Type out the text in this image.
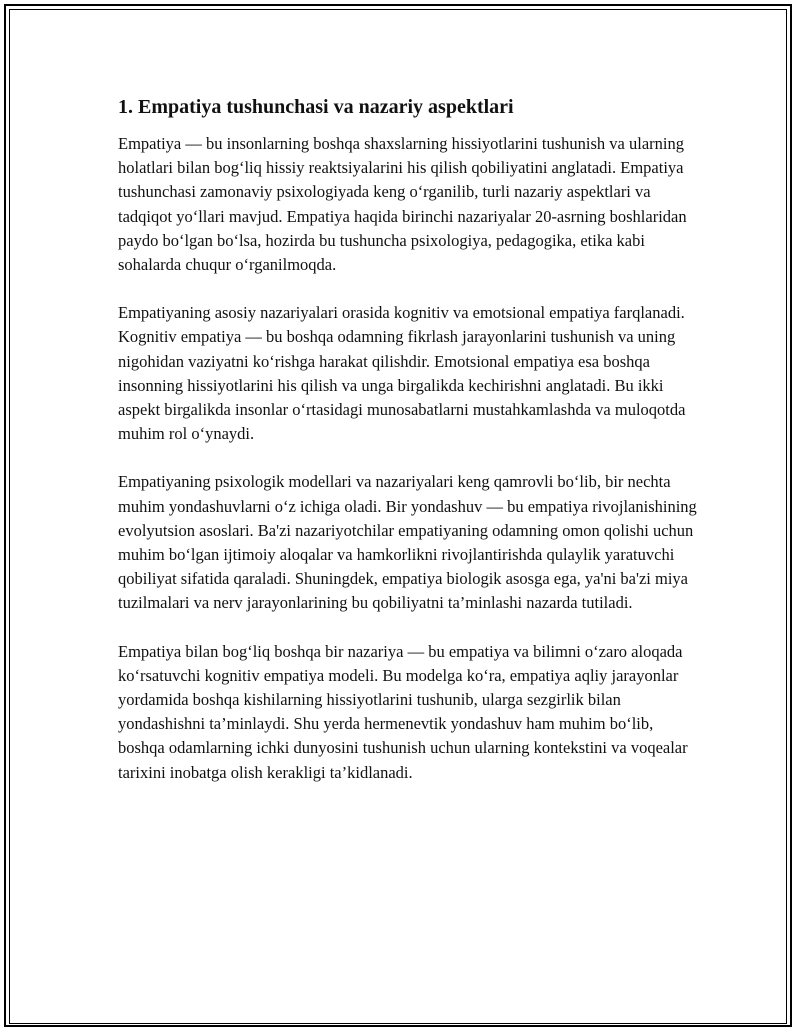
1. Empatiya tushunchasi va nazariy aspektlari

Empatiya — bu insonlarning boshqa shaxslarning hissiyotlarini tushunish va ularning holatlari bilan bog‘liq hissiy reaktsiyalarini his qilish qobiliyatini anglatadi. Empatiya tushunchasi zamonaviy psixologiyada keng o‘rganilib, turli nazariy aspektlari va tadqiqot yo‘llari mavjud. Empatiya haqida birinchi nazariyalar 20-asrning boshlaridan paydo bo‘lgan bo‘lsa, hozirda bu tushuncha psixologiya, pedagogika, etika kabi sohalarda chuqur o‘rganilmoqda.

Empatiyaning asosiy nazariyalari orasida kognitiv va emotsional empatiya farqlanadi. Kognitiv empatiya — bu boshqa odamning fikrlash jarayonlarini tushunish va uning nigohidan vaziyatni ko‘rishga harakat qilishdir. Emotsional empatiya esa boshqa insonning hissiyotlarini his qilish va unga birgalikda kechirishni anglatadi. Bu ikki aspekt birgalikda insonlar o‘rtasidagi munosabatlarni mustahkamlashda va muloqotda muhim rol o‘ynaydi.

Empatiyaning psixologik modellari va nazariyalari keng qamrovli bo‘lib, bir nechta muhim yondashuvlarni o‘z ichiga oladi. Bir yondashuv — bu empatiya rivojlanishining evolyutsion asoslari. Ba'zi nazariyotchilar empatiyaning odamning omon qolishi uchun muhim bo‘lgan ijtimoiy aloqalar va hamkorlikni rivojlantirishda qulaylik yaratuvchi qobiliyat sifatida qaraladi. Shuningdek, empatiya biologik asosga ega, ya'ni ba'zi miya tuzilmalari va nerv jarayonlarining bu qobiliyatni ta’minlashi nazarda tutiladi.

Empatiya bilan bog‘liq boshqa bir nazariya — bu empatiya va bilimni o‘zaro aloqada ko‘rsatuvchi kognitiv empatiya modeli. Bu modelga ko‘ra, empatiya aqliy jarayonlar yordamida boshqa kishilarning hissiyotlarini tushunib, ularga sezgirlik bilan yondashishni ta’minlaydi. Shu yerda hermenevtik yondashuv ham muhim bo‘lib, boshqa odamlarning ichki dunyosini tushunish uchun ularning kontekstini va voqealar tarixini inobatga olish kerakligi ta’kidlanadi.
